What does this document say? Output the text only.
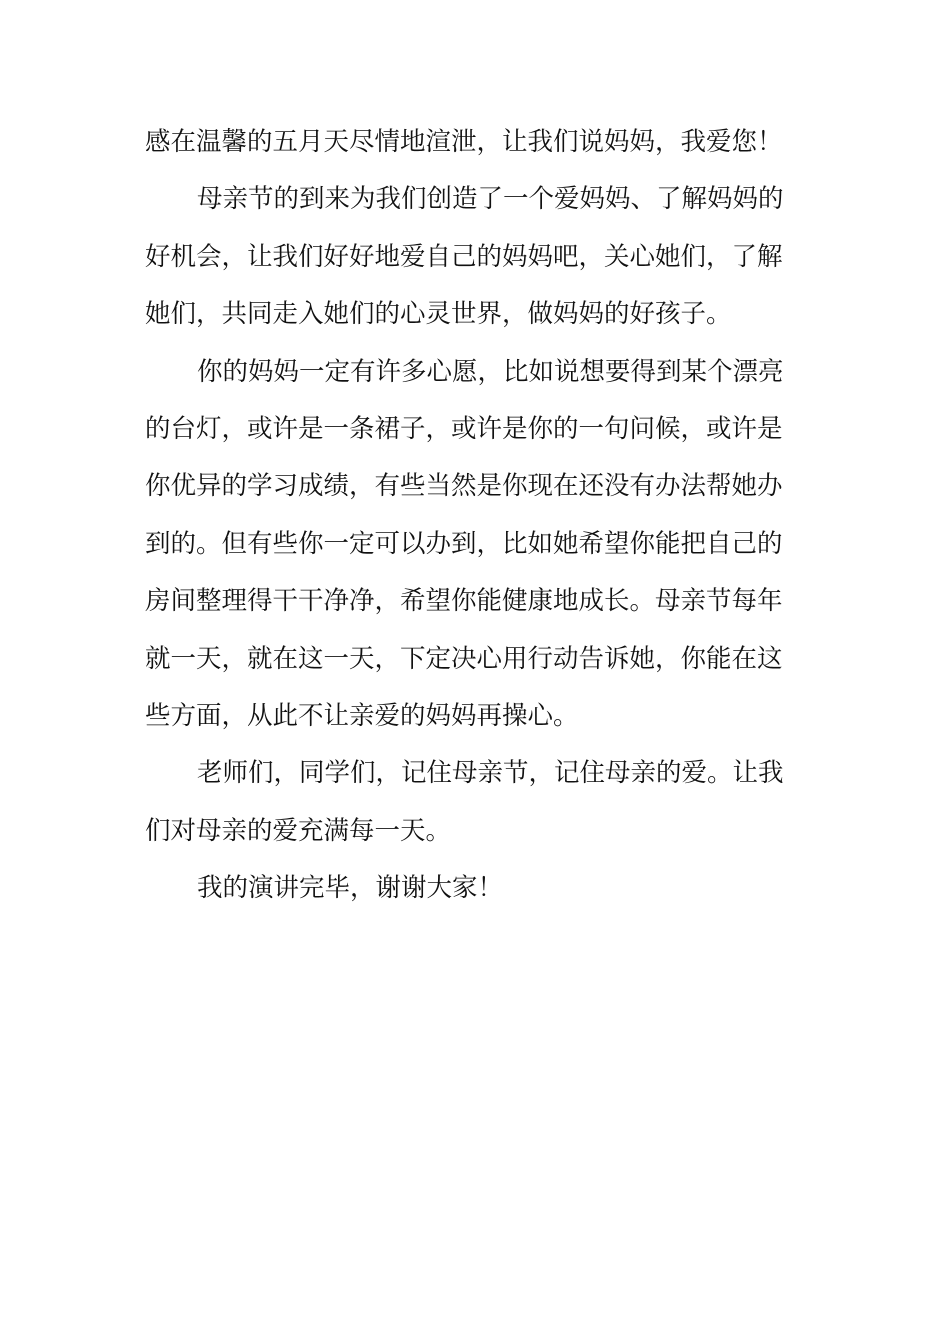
感在温馨的五月天尽情地渲泄，让我们说妈妈，我爱您！
母亲节的到来为我们创造了一个爱妈妈、了解妈妈的
好机会，让我们好好地爱自己的妈妈吧，关心她们，了解
她们，共同走入她们的心灵世界，做妈妈的好孩子。
你的妈妈一定有许多心愿，比如说想要得到某个漂亮
的台灯，或许是一条裙子，或许是你的一句问候，或许是
你优异的学习成绩，有些当然是你现在还没有办法帮她办
到的。但有些你一定可以办到，比如她希望你能把自己的
房间整理得干干净净，希望你能健康地成长。母亲节每年
就一天，就在这一天，下定决心用行动告诉她，你能在这
些方面，从此不让亲爱的妈妈再操心。
老师们，同学们，记住母亲节，记住母亲的爱。让我
们对母亲的爱充满每一天。
我的演讲完毕，谢谢大家！
